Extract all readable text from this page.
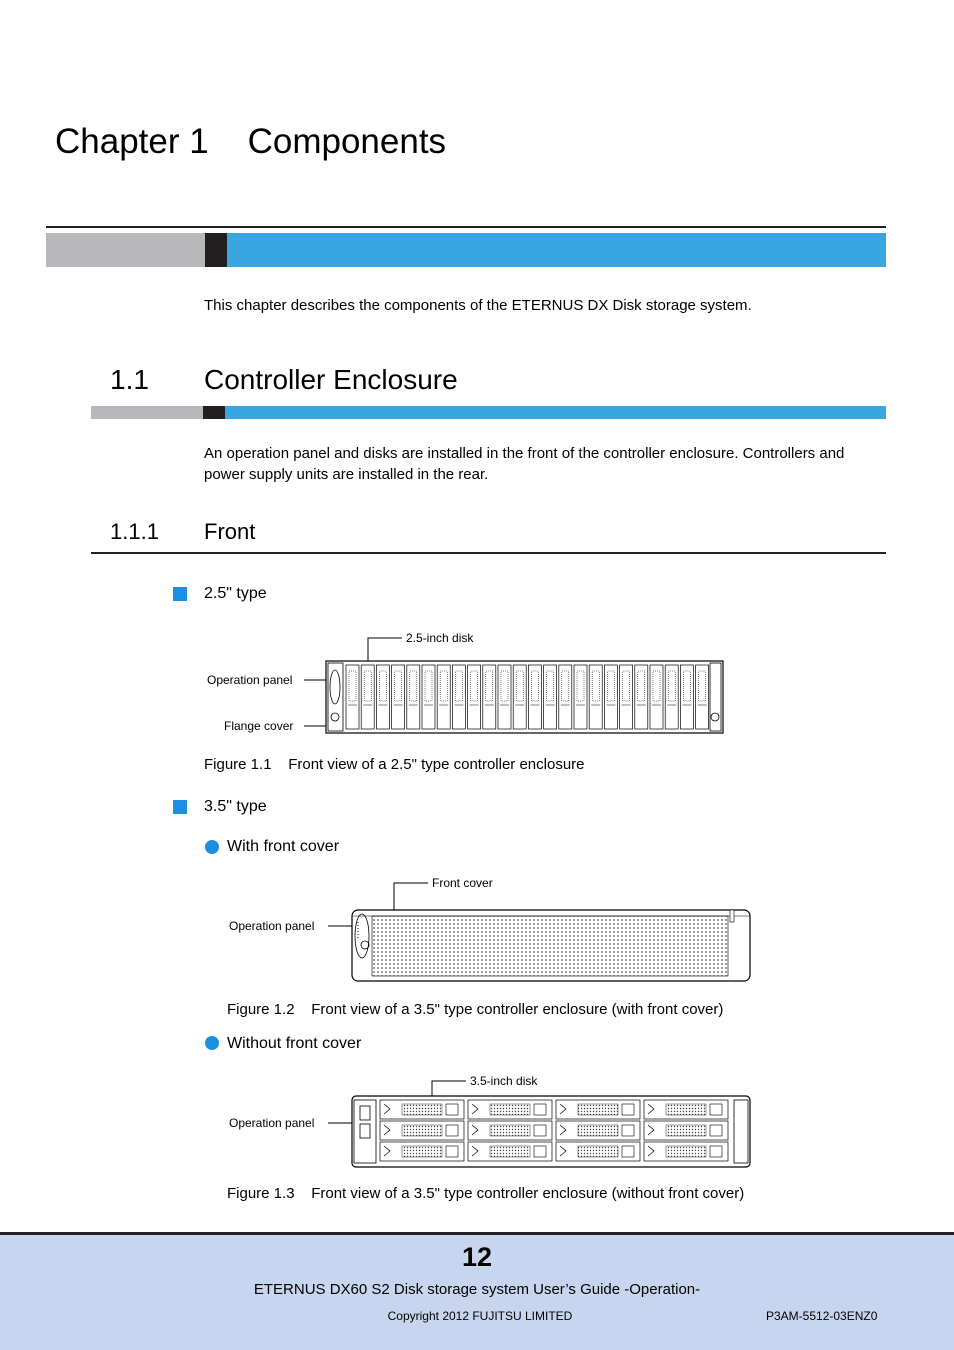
Chapter 1    Components
This chapter describes the components of the ETERNUS DX Disk storage system.
1.1 Controller Enclosure
An operation panel and disks are installed in the front of the controller enclosure. Controllers and power supply units are installed in the rear.
1.1.1 Front
2.5" type
2.5-inch disk
Operation panel
Flange cover
Figure 1.1    Front view of a 2.5" type controller enclosure
3.5" type
With front cover
Front cover
Operation panel
Figure 1.2    Front view of a 3.5" type controller enclosure (with front cover)
Without front cover
3.5-inch disk
Operation panel
Figure 1.3    Front view of a 3.5" type controller enclosure (without front cover)
12
ETERNUS DX60 S2 Disk storage system User’s Guide -Operation-
Copyright 2012 FUJITSU LIMITED	P3AM-5512-03ENZ0
